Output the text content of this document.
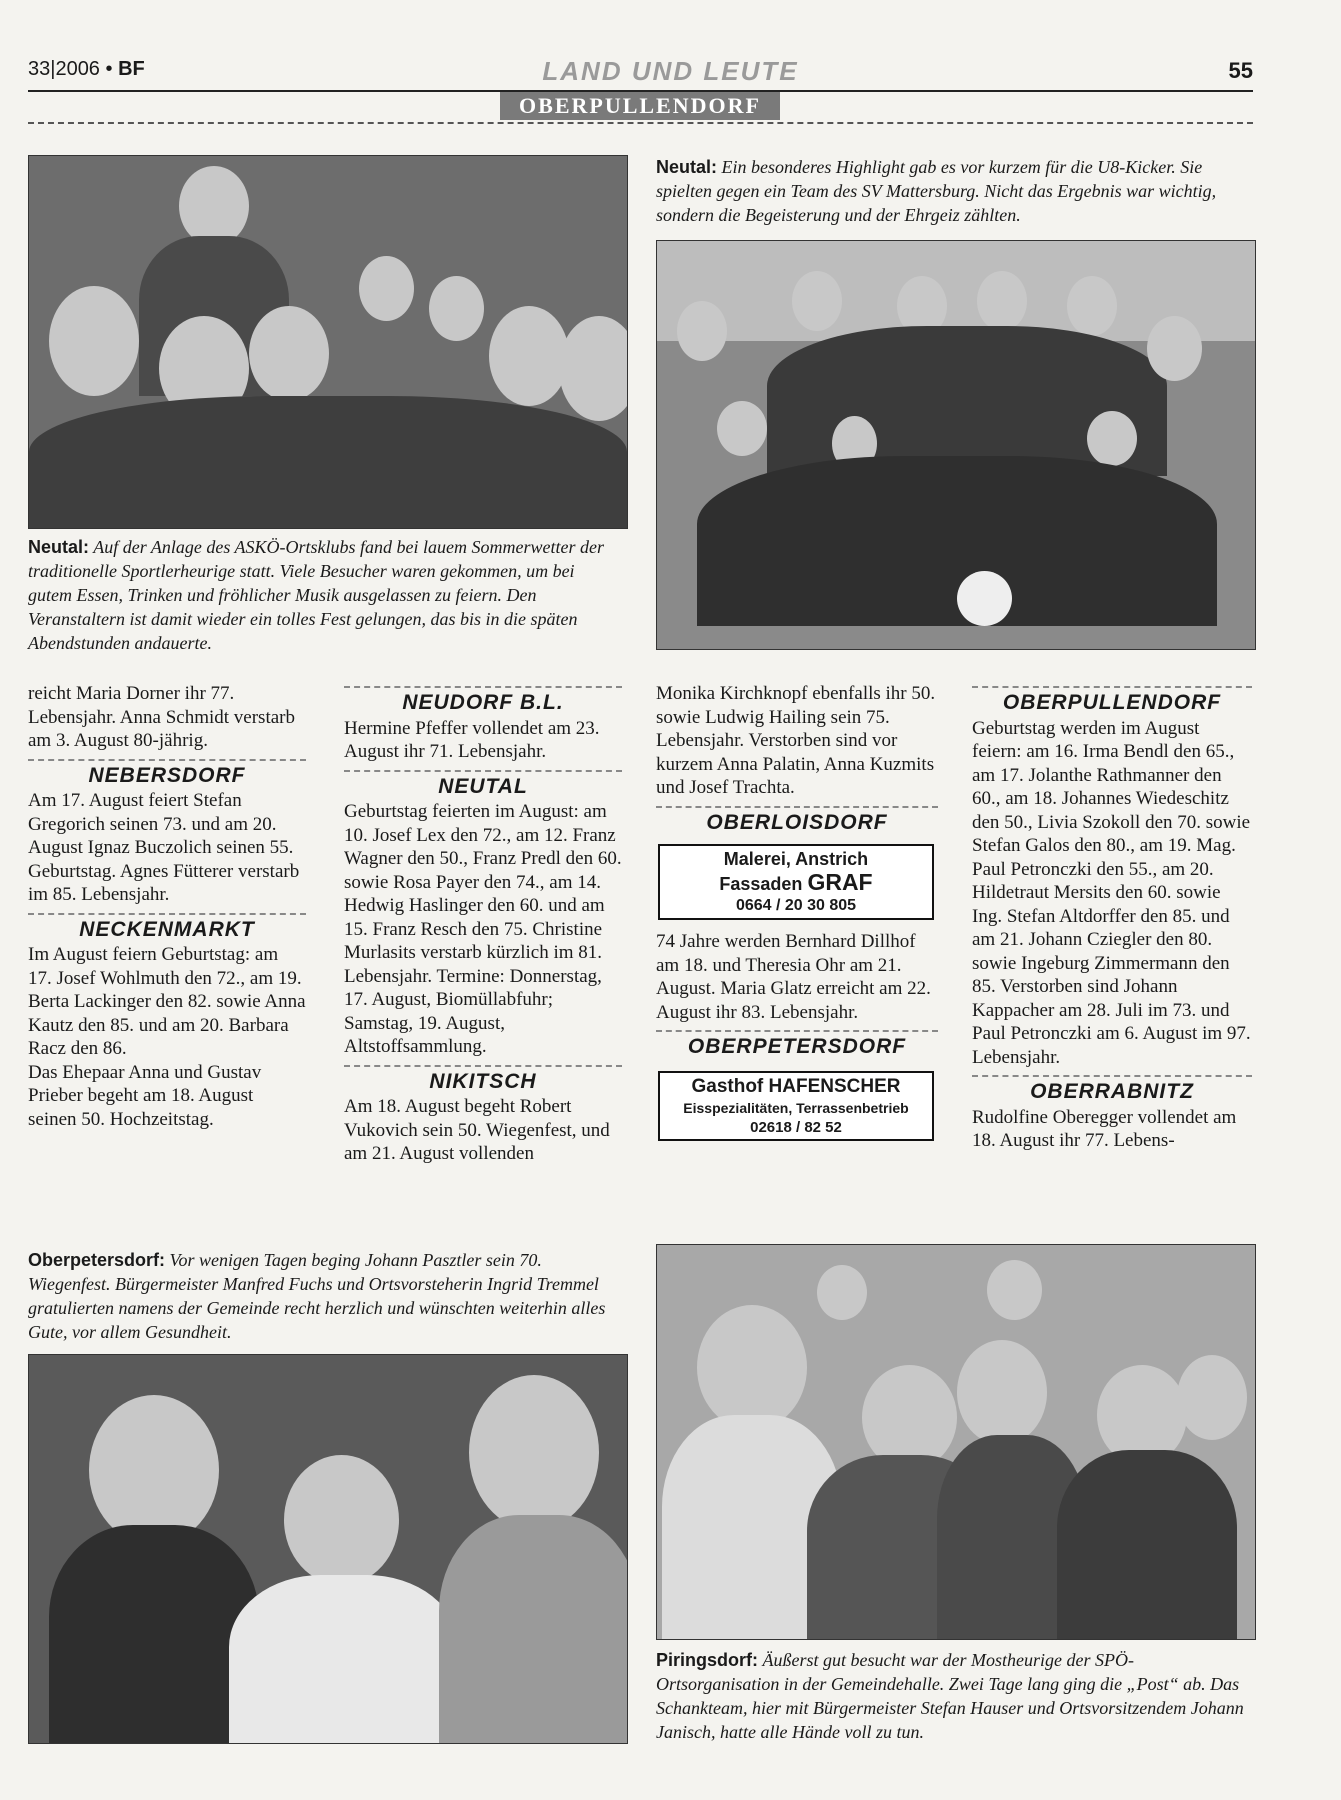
33|2006 • BF	LAND UND LEUTE	55
OBERPULLENDORF
Neutal: Auf der Anlage des ASKÖ-Ortsklubs fand bei lauem Sommerwetter der traditionelle Sportlerheurige statt. Viele Besucher waren gekommen, um bei gutem Essen, Trinken und fröhlicher Musik ausgelassen zu feiern. Den Veranstaltern ist damit wieder ein tolles Fest gelungen, das bis in die späten Abendstunden andauerte.
Neutal: Ein besonderes Highlight gab es vor kurzem für die U8-Kicker. Sie spielten gegen ein Team des SV Mattersburg. Nicht das Ergebnis war wichtig, sondern die Begeisterung und der Ehrgeiz zählten.

reicht Maria Dorner ihr 77. Lebensjahr. Anna Schmidt verstarb am 3. August 80-jährig.

NEBERSDORF

Am 17. August feiert Stefan Gregorich seinen 73. und am 20. August Ignaz Buczolich seinen 55. Geburtstag. Agnes Fütterer verstarb im 85. Lebensjahr.

NECKENMARKT

Im August feiern Geburtstag: am 17. Josef Wohlmuth den 72., am 19. Berta Lackinger den 82. sowie Anna Kautz den 85. und am 20. Barbara Racz den 86.

Das Ehepaar Anna und Gustav Prieber begeht am 18. August seinen 50. Hochzeitstag.

NEUDORF B.L.

Hermine Pfeffer vollendet am 23. August ihr 71. Lebensjahr.

NEUTAL

Geburtstag feierten im August: am 10. Josef Lex den 72., am 12. Franz Wagner den 50., Franz Predl den 60. sowie Rosa Payer den 74., am 14. Hedwig Haslinger den 60. und am 15. Franz Resch den 75. Christine Murlasits verstarb kürzlich im 81. Lebensjahr. Termine: Donnerstag, 17. August, Biomüllabfuhr; Samstag, 19. August, Altstoffsammlung.

NIKITSCH

Am 18. August begeht Robert Vukovich sein 50. Wiegenfest, und am 21. August vollenden

Monika Kirchknopf ebenfalls ihr 50. sowie Ludwig Hailing sein 75. Lebensjahr. Verstorben sind vor kurzem Anna Palatin, Anna Kuzmits und Josef Trachta.

OBERLOISDORF
Malerei, Anstrich
Fassaden GRAF
0664 / 20 30 805

74 Jahre werden Bernhard Dillhof am 18. und Theresia Ohr am 21. August. Maria Glatz erreicht am 22. August ihr 83. Lebensjahr.

OBERPETERSDORF
Gasthof HAFENSCHER
Eisspezialitäten, Terrassenbetrieb
02618 / 82 52
OBERPULLENDORF

Geburtstag werden im August feiern: am 16. Irma Bendl den 65., am 17. Jolanthe Rathmanner den 60., am 18. Johannes Wiedeschitz den 50., Livia Szokoll den 70. sowie Stefan Galos den 80., am 19. Mag. Paul Petronczki den 55., am 20. Hildetraut Mersits den 60. sowie Ing. Stefan Altdorffer den 85. und am 21. Johann Cziegler den 80. sowie Ingeburg Zimmermann den 85. Verstorben sind Johann Kappacher am 28. Juli im 73. und Paul Petronczki am 6. August im 97. Lebensjahr.

OBERRABNITZ

Rudolfine Oberegger vollendet am 18. August ihr 77. Lebens-

Oberpetersdorf: Vor wenigen Tagen beging Johann Pasztler sein 70. Wiegenfest. Bürgermeister Manfred Fuchs und Ortsvorsteherin Ingrid Tremmel gratulierten namens der Gemeinde recht herzlich und wünschten weiterhin alles Gute, vor allem Gesundheit.
Piringsdorf: Äußerst gut besucht war der Mostheurige der SPÖ-Ortsorganisation in der Gemeindehalle. Zwei Tage lang ging die „Post“ ab. Das Schankteam, hier mit Bürgermeister Stefan Hauser und Ortsvorsitzendem Johann Janisch, hatte alle Hände voll zu tun.
